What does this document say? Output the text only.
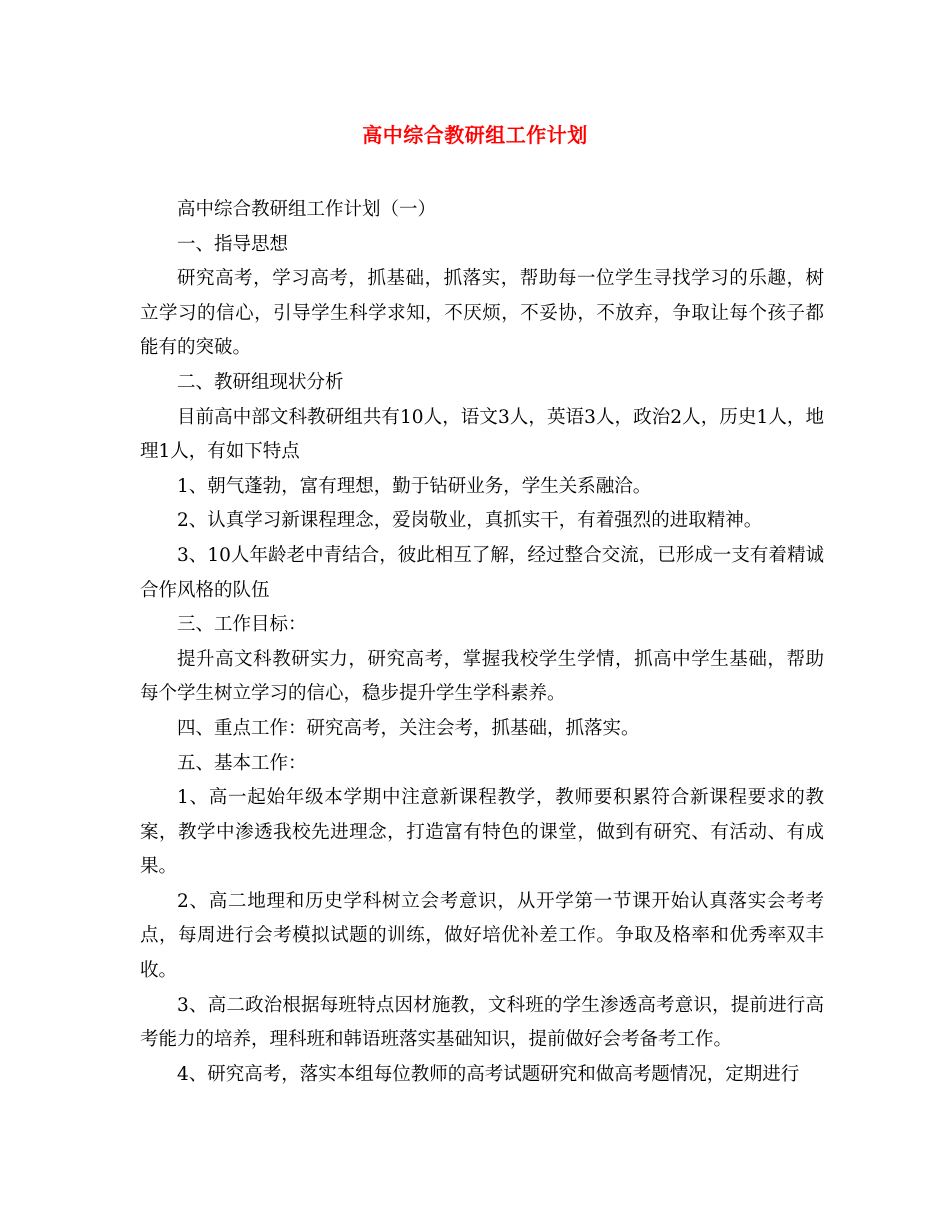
高中综合教研组工作计划

高中综合教研组工作计划（一）

一、指导思想

研究高考，学习高考，抓基础，抓落实，帮助每一位学生寻找学习的乐趣，树立学习的信心，引导学生科学求知，不厌烦，不妥协，不放弃，争取让每个孩子都能有的突破。

二、教研组现状分析

目前高中部文科教研组共有10人，语文3人，英语3人，政治2人，历史1人，地理1人，有如下特点

1、朝气蓬勃，富有理想，勤于钻研业务，学生关系融洽。

2、认真学习新课程理念，爱岗敬业，真抓实干，有着强烈的进取精神。

3、10人年龄老中青结合，彼此相互了解，经过整合交流，已形成一支有着精诚合作风格的队伍

三、工作目标：

提升高文科教研实力，研究高考，掌握我校学生学情，抓高中学生基础，帮助每个学生树立学习的信心，稳步提升学生学科素养。

四、重点工作：研究高考，关注会考，抓基础，抓落实。

五、基本工作：

1、高一起始年级本学期中注意新课程教学，教师要积累符合新课程要求的教案，教学中渗透我校先进理念，打造富有特色的课堂，做到有研究、有活动、有成果。

2、高二地理和历史学科树立会考意识，从开学第一节课开始认真落实会考考点，每周进行会考模拟试题的训练，做好培优补差工作。争取及格率和优秀率双丰收。

3、高二政治根据每班特点因材施教，文科班的学生渗透高考意识，提前进行高考能力的培养，理科班和韩语班落实基础知识，提前做好会考备考工作。

4、研究高考，落实本组每位教师的高考试题研究和做高考题情况，定期进行
